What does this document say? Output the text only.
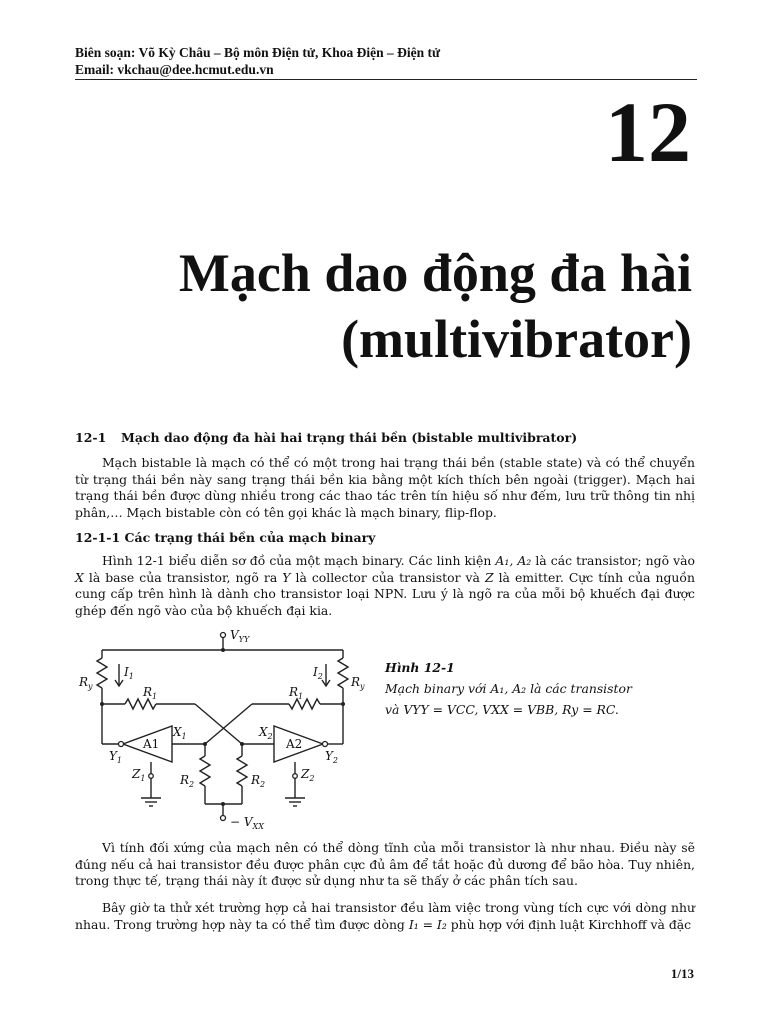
Biên soạn: Võ Kỳ Châu – Bộ môn Điện tử, Khoa Điện – Điện tử
Email: vkchau@dee.hcmut.edu.vn
12
Mạch dao động đa hài
(multivibrator)
12-1 Mạch dao động đa hài hai trạng thái bền (bistable multivibrator)
Mạch bistable là mạch có thể có một trong hai trạng thái bền (stable state) và có thể chuyển từ trạng thái bền này sang trạng thái bền kia bằng một kích thích bên ngoài (trigger). Mạch hai trạng thái bền được dùng nhiều trong các thao tác trên tín hiệu số như đếm, lưu trữ thông tin nhị phân,… Mạch bistable còn có tên gọi khác là mạch binary, flip-flop.
12-1-1 Các trạng thái bền của mạch binary
Hình 12-1 biểu diễn sơ đồ của một mạch binary. Các linh kiện A₁, A₂ là các transistor; ngõ vào X là base của transistor, ngõ ra Y là collector của transistor và Z là emitter. Cực tính của nguồn cung cấp trên hình là dành cho transistor loại NPN. Lưu ý là ngõ ra của mỗi bộ khuếch đại được ghép đến ngõ vào của bộ khuếch đại kia.
$V_{YY}$
− $V_{XX}$
$R_y$	$R_y$
$R_1$	$R_1$
$R_2$	$R_2$
$I_1$	$I_2$
$X_1$	$X_2$
$Y_1$	$Y_2$
$Z_1$	$Z_2$
A1	A2
Hình 12-1
Mạch binary với A₁, A₂ là các transistor
và VYY = VCC, VXX = VBB, Ry = RC.
Vì tính đối xứng của mạch nên có thể dòng tĩnh của mỗi transistor là như nhau. Điều này sẽ đúng nếu cả hai transistor đều được phân cực đủ âm để tắt hoặc đủ dương để bão hòa. Tuy nhiên, trong thực tế, trạng thái này ít được sử dụng như ta sẽ thấy ở các phân tích sau.
Bây giờ ta thử xét trường hợp cả hai transistor đều làm việc trong vùng tích cực với dòng như nhau. Trong trường hợp này ta có thể tìm được dòng I₁ = I₂ phù hợp với định luật Kirchhoff và đặc
1/13
